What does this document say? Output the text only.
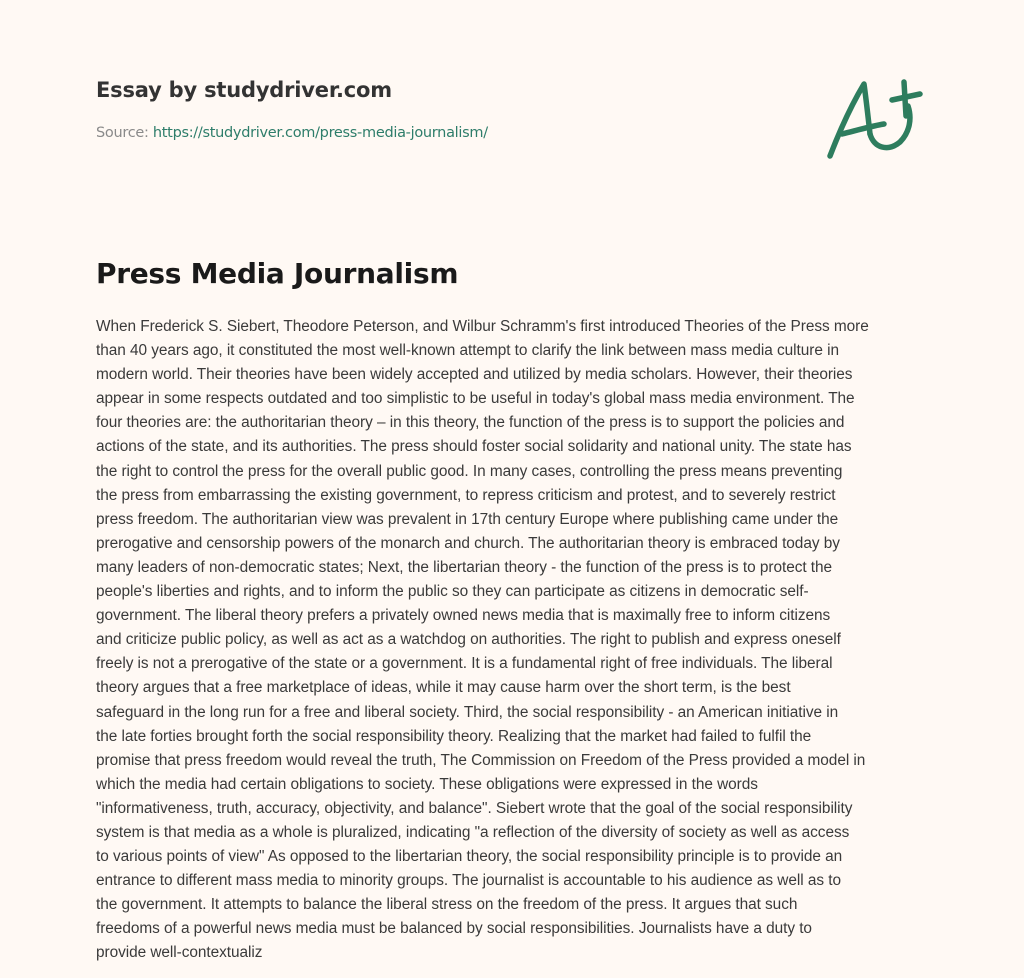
Essay by studydriver.com
Source: https://studydriver.com/press-media-journalism/
Press Media Journalism

When Frederick S. Siebert, Theodore Peterson, and Wilbur Schramm's first introduced Theories of the Press more
than 40 years ago, it constituted the most well-known attempt to clarify the link between mass media culture in
modern world. Their theories have been widely accepted and utilized by media scholars. However, their theories
appear in some respects outdated and too simplistic to be useful in today's global mass media environment. The
four theories are: the authoritarian theory – in this theory, the function of the press is to support the policies and
actions of the state, and its authorities. The press should foster social solidarity and national unity. The state has
the right to control the press for the overall public good. In many cases, controlling the press means preventing
the press from embarrassing the existing government, to repress criticism and protest, and to severely restrict
press freedom. The authoritarian view was prevalent in 17th century Europe where publishing came under the
prerogative and censorship powers of the monarch and church. The authoritarian theory is embraced today by
many leaders of non-democratic states; Next, the libertarian theory - the function of the press is to protect the
people's liberties and rights, and to inform the public so they can participate as citizens in democratic self-
government. The liberal theory prefers a privately owned news media that is maximally free to inform citizens
and criticize public policy, as well as act as a watchdog on authorities. The right to publish and express oneself
freely is not a prerogative of the state or a government. It is a fundamental right of free individuals. The liberal
theory argues that a free marketplace of ideas, while it may cause harm over the short term, is the best
safeguard in the long run for a free and liberal society. Third, the social responsibility - an American initiative in
the late forties brought forth the social responsibility theory. Realizing that the market had failed to fulfil the
promise that press freedom would reveal the truth, The Commission on Freedom of the Press provided a model in
which the media had certain obligations to society. These obligations were expressed in the words
"informativeness, truth, accuracy, objectivity, and balance". Siebert wrote that the goal of the social responsibility
system is that media as a whole is pluralized, indicating "a reflection of the diversity of society as well as access
to various points of view" As opposed to the libertarian theory, the social responsibility principle is to provide an
entrance to different mass media to minority groups. The journalist is accountable to his audience as well as to
the government. It attempts to balance the liberal stress on the freedom of the press. It argues that such
freedoms of a powerful news media must be balanced by social responsibilities. Journalists have a duty to
provide well-contextualiz
